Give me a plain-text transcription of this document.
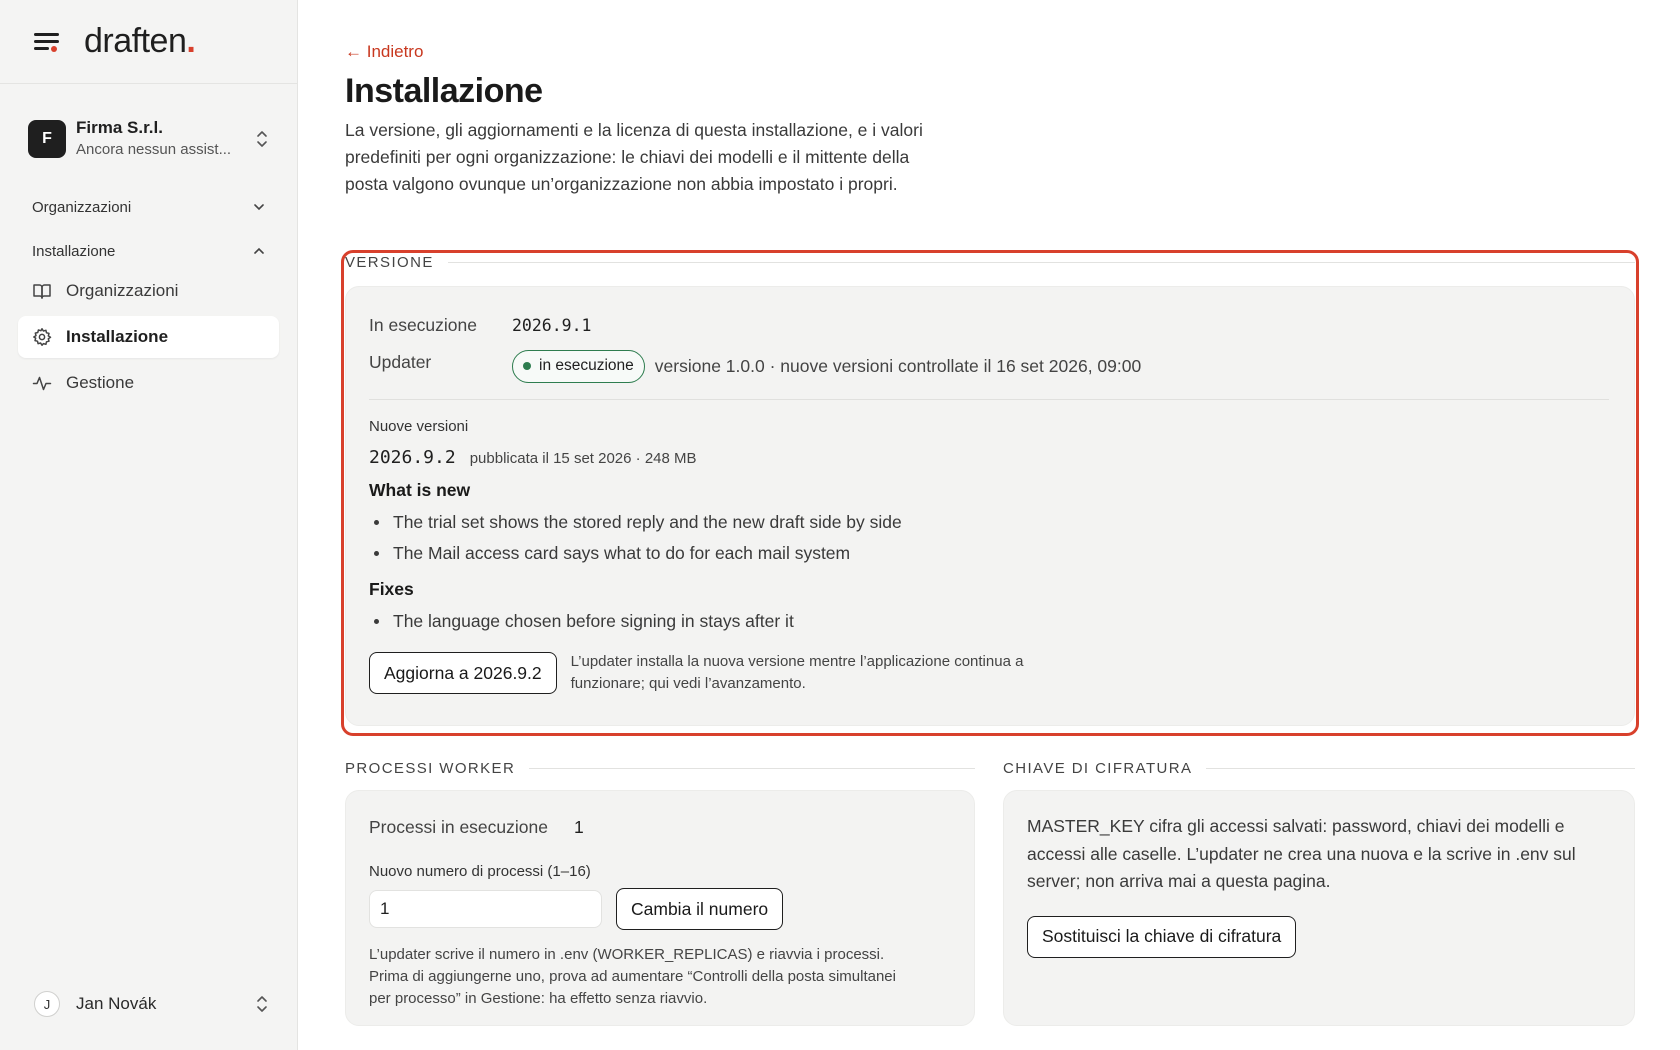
draften.
F
Firma S.r.l.
Ancora nessun assist...
Organizzazioni
Installazione
Organizzazioni
Installazione
Gestione
J	Jan Novák
← Indietro
Installazione

La versione, gli aggiornamenti e la licenza di questa installazione, e i valori predefiniti per ogni organizzazione: le chiavi dei modelli e il mittente della posta valgono ovunque un’organizzazione non abbia impostato i propri.

VERSIONE
In esecuzione	2026.9.1
Updater	in esecuzione versione 1.0.0 · nuove versioni controllate il 16 set 2026, 09:00
Nuove versioni
2026.9.2 pubblicata il 15 set 2026 · 248 MB
What is new
The trial set shows the stored reply and the new draft side by side
The Mail access card says what to do for each mail system
Fixes
The language chosen before signing in stays after it
Aggiorna a 2026.9.2

L’updater installa la nuova versione mentre l’applicazione continua a funzionare; qui vedi l’avanzamento.

PROCESSI WORKER
Processi in esecuzione 1
Nuovo numero di processi (1–16)
1
Cambia il numero

L’updater scrive il numero in .env (WORKER_REPLICAS) e riavvia i processi. Prima di aggiungerne uno, prova ad aumentare “Controlli della posta simultanei per processo” in Gestione: ha effetto senza riavvio.

CHIAVE DI CIFRATURA

MASTER_KEY cifra gli accessi salvati: password, chiavi dei modelli e accessi alle caselle. L’updater ne crea una nuova e la scrive in .env sul server; non arriva mai a questa pagina.

Sostituisci la chiave di cifratura
